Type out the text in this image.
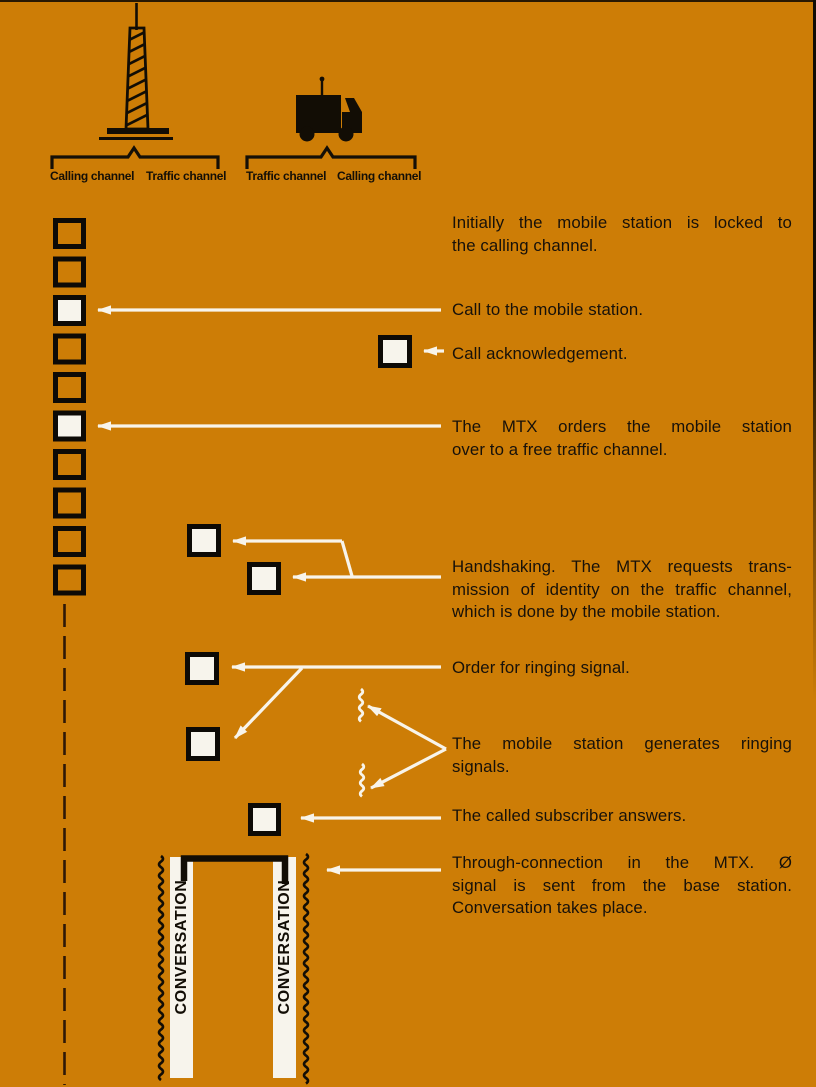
CONVERSATION	CONVERSATION
Calling channel Traffic channel Traffic channel Calling channel
Initially the mobile station is locked to
the calling channel.
Call to the mobile station.
Call acknowledgement.
The MTX orders the mobile station
over to a free traffic channel.
Handshaking. The MTX requests trans-
mission of identity on the traffic channel,
which is done by the mobile station.
Order for ringing signal.
The mobile station generates ringing
signals.
The called subscriber answers.
Through-connection in the MTX. Ø
signal is sent from the base station.
Conversation takes place.
